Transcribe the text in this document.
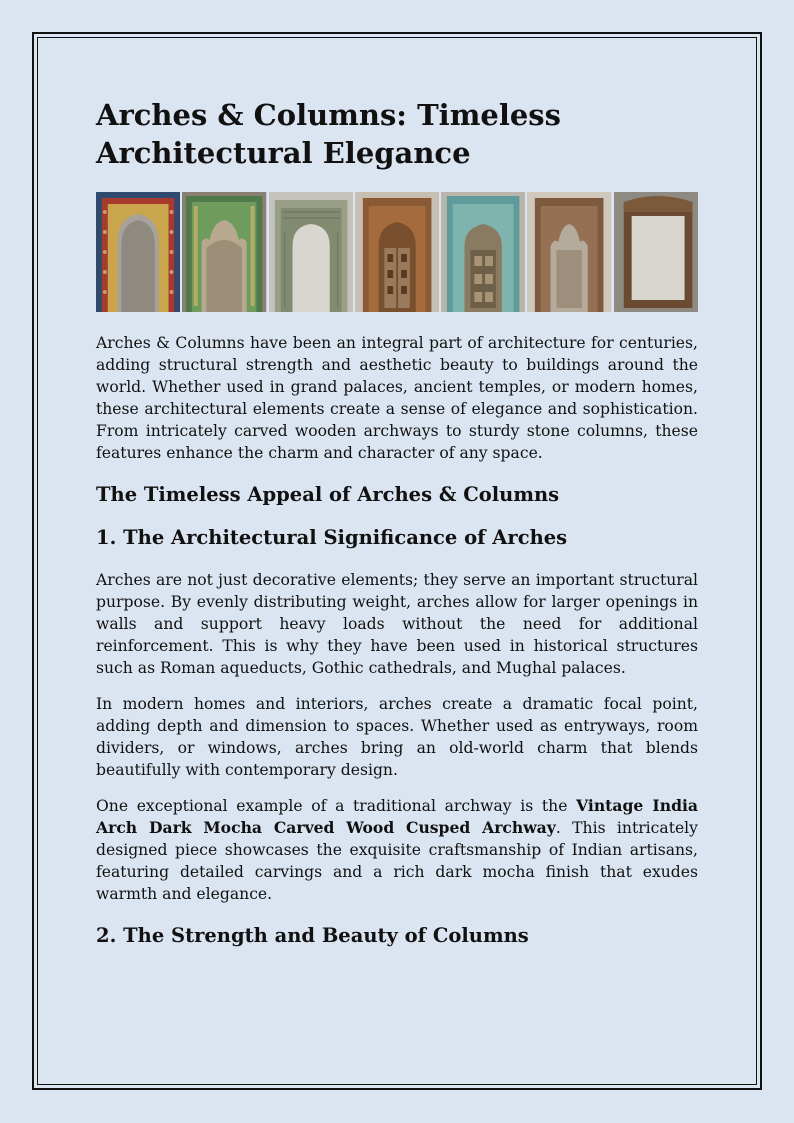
Arches & Columns: Timeless Architectural Elegance

Arches & Columns have been an integral part of architecture for centuries, adding structural strength and aesthetic beauty to buildings around the world. Whether used in grand palaces, ancient temples, or modern homes, these architectural elements create a sense of elegance and sophistication. From intricately carved wooden archways to sturdy stone columns, these features enhance the charm and character of any space.

The Timeless Appeal of Arches & Columns
1. The Architectural Significance of Arches

Arches are not just decorative elements; they serve an important structural purpose. By evenly distributing weight, arches allow for larger openings in walls and support heavy loads without the need for additional reinforcement. This is why they have been used in historical structures such as Roman aqueducts, Gothic cathedrals, and Mughal palaces.

In modern homes and interiors, arches create a dramatic focal point, adding depth and dimension to spaces. Whether used as entryways, room dividers, or windows, arches bring an old-world charm that blends beautifully with contemporary design.

One exceptional example of a traditional archway is the Vintage India Arch Dark Mocha Carved Wood Cusped Archway. This intricately designed piece showcases the exquisite craftsmanship of Indian artisans, featuring detailed carvings and a rich dark mocha finish that exudes warmth and elegance.

2. The Strength and Beauty of Columns
